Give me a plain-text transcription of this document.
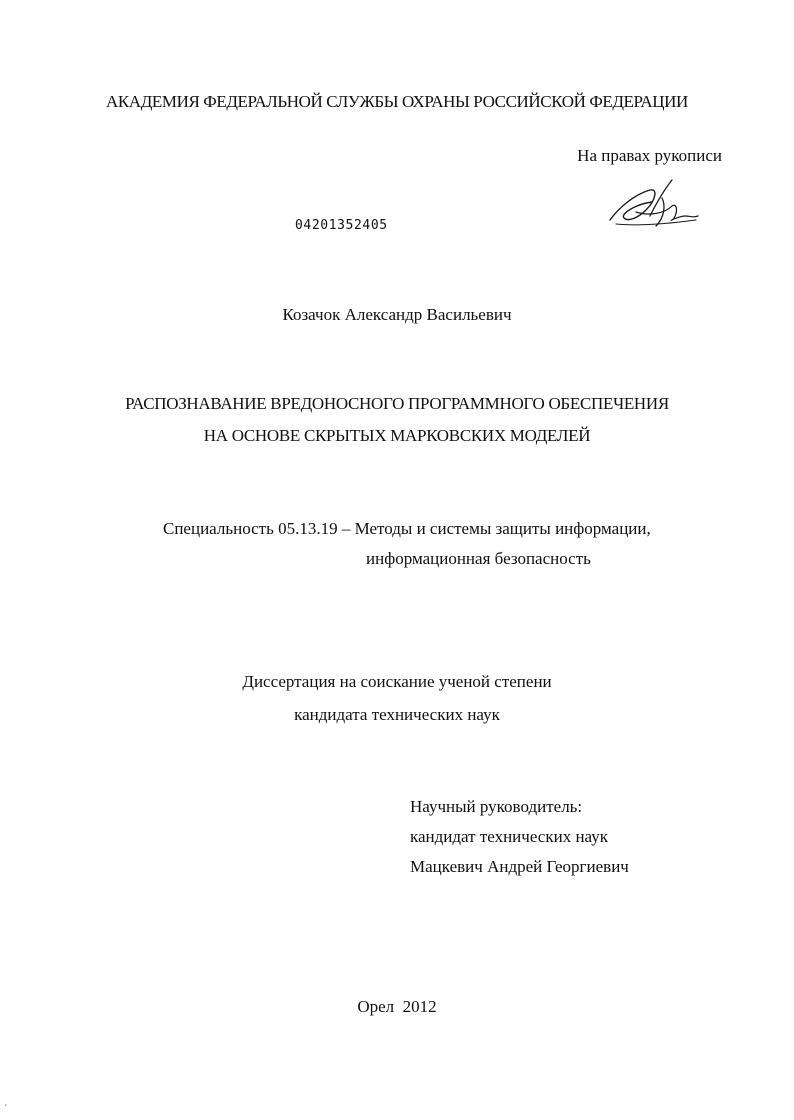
АКАДЕМИЯ ФЕДЕРАЛЬНОЙ СЛУЖБЫ ОХРАНЫ РОССИЙСКОЙ ФЕДЕРАЦИИ
На правах рукописи
04201352405
Козачок Александр Васильевич
РАСПОЗНАВАНИЕ ВРЕДОНОСНОГО ПРОГРАММНОГО ОБЕСПЕЧЕНИЯ
НА ОСНОВЕ СКРЫТЫХ МАРКОВСКИХ МОДЕЛЕЙ
Специальность 05.13.19 – Методы и системы защиты информации,
информационная безопасность
Диссертация на соискание ученой степени
кандидата технических наук
Научный руководитель:
кандидат технических наук
Мацкевич Андрей Георгиевич
Орел  2012
´
